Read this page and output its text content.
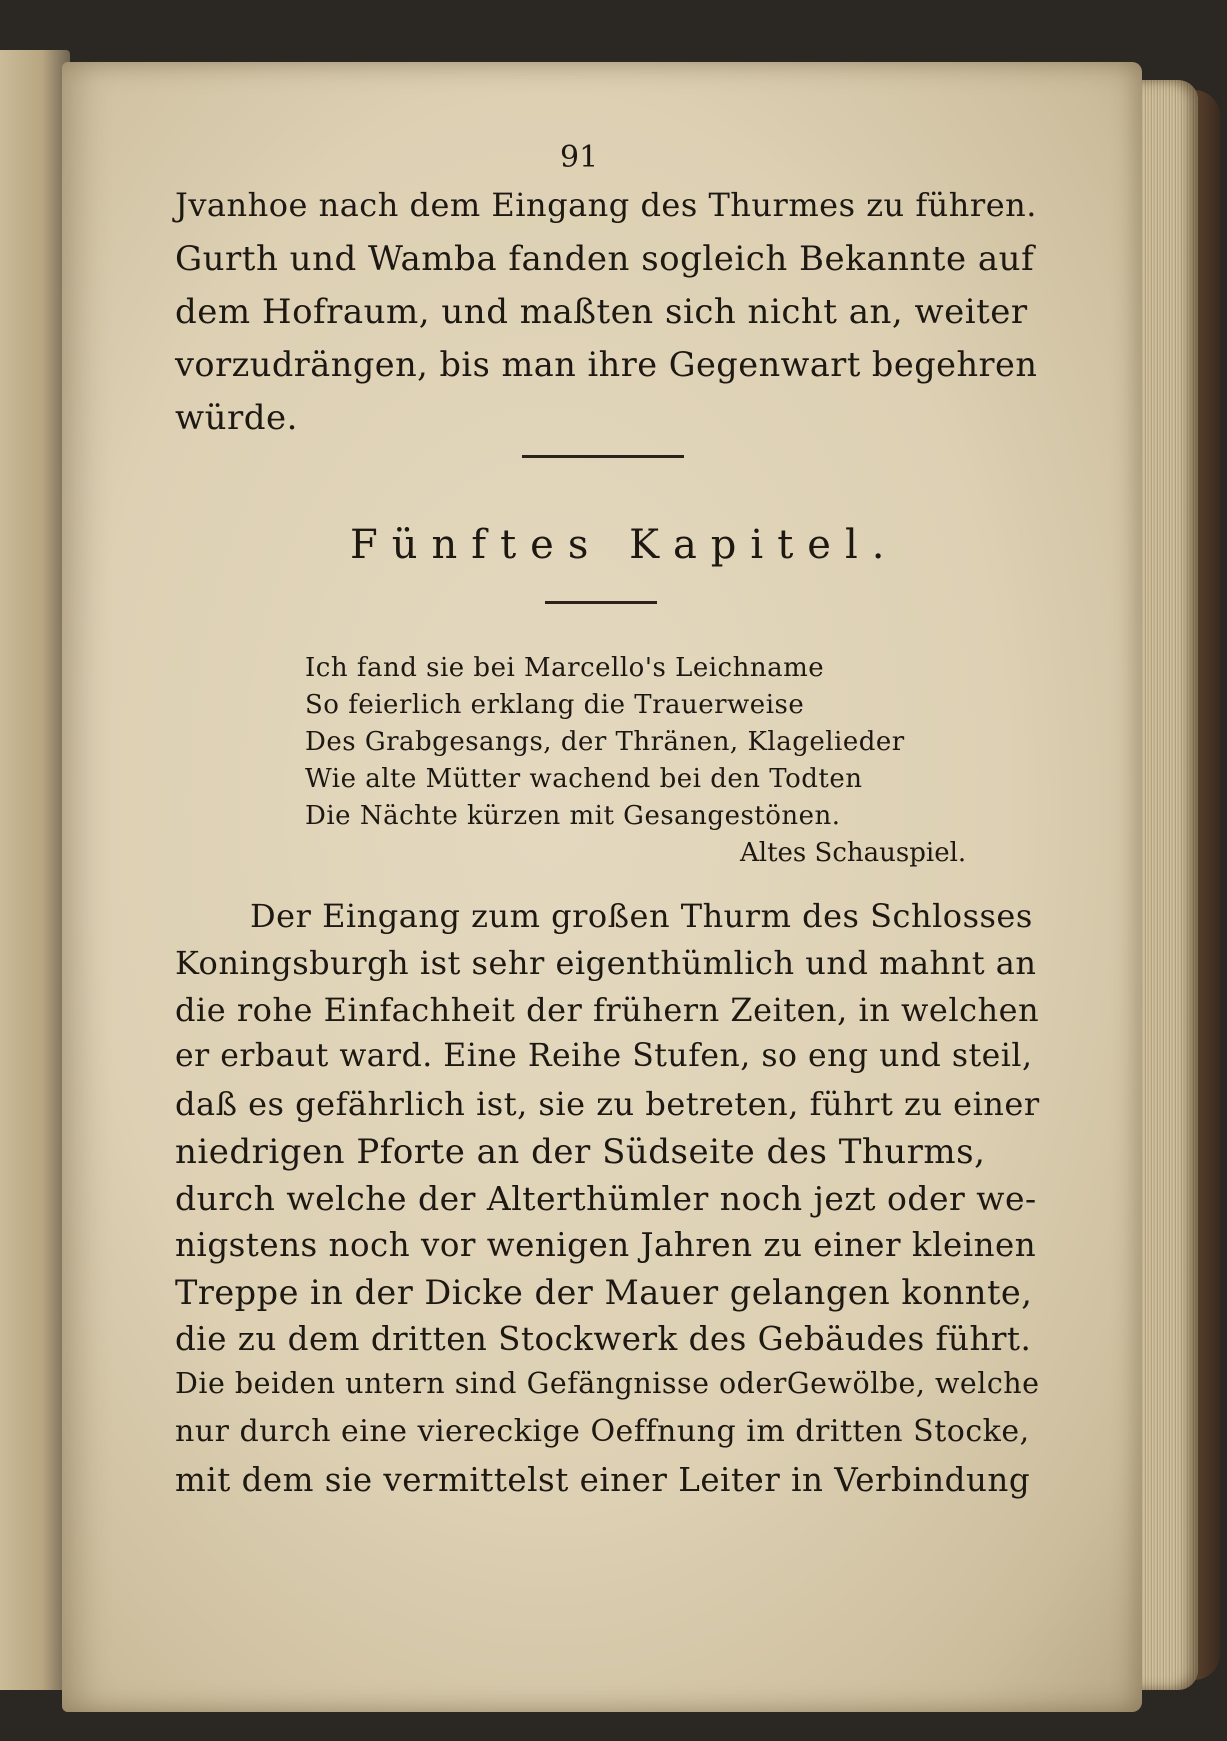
91
Jvanhoe nach dem Eingang des Thurmes zu führen.
Gurth und Wamba fanden sogleich Bekannte auf
dem Hofraum, und maßten sich nicht an, weiter
vorzudrängen, bis man ihre Gegenwart begehren
würde.
Fünftes Kapitel.
Ich fand sie bei Marcello's Leichname
So feierlich erklang die Trauerweise
Des Grabgesangs, der Thränen, Klagelieder
Wie alte Mütter wachend bei den Todten
Die Nächte kürzen mit Gesangestönen.
Altes Schauspiel.
Der Eingang zum großen Thurm des Schlosses
Koningsburgh ist sehr eigenthümlich und mahnt an
die rohe Einfachheit der frühern Zeiten, in welchen
er erbaut ward. Eine Reihe Stufen, so eng und steil,
daß es gefährlich ist, sie zu betreten, führt zu einer
niedrigen Pforte an der Südseite des Thurms,
durch welche der Alterthümler noch jezt oder we-
nigstens noch vor wenigen Jahren zu einer kleinen
Treppe in der Dicke der Mauer gelangen konnte,
die zu dem dritten Stockwerk des Gebäudes führt.
Die beiden untern sind Gefängnisse oderGewölbe, welche
nur durch eine viereckige Oeffnung im dritten Stocke,
mit dem sie vermittelst einer Leiter in Verbindung
